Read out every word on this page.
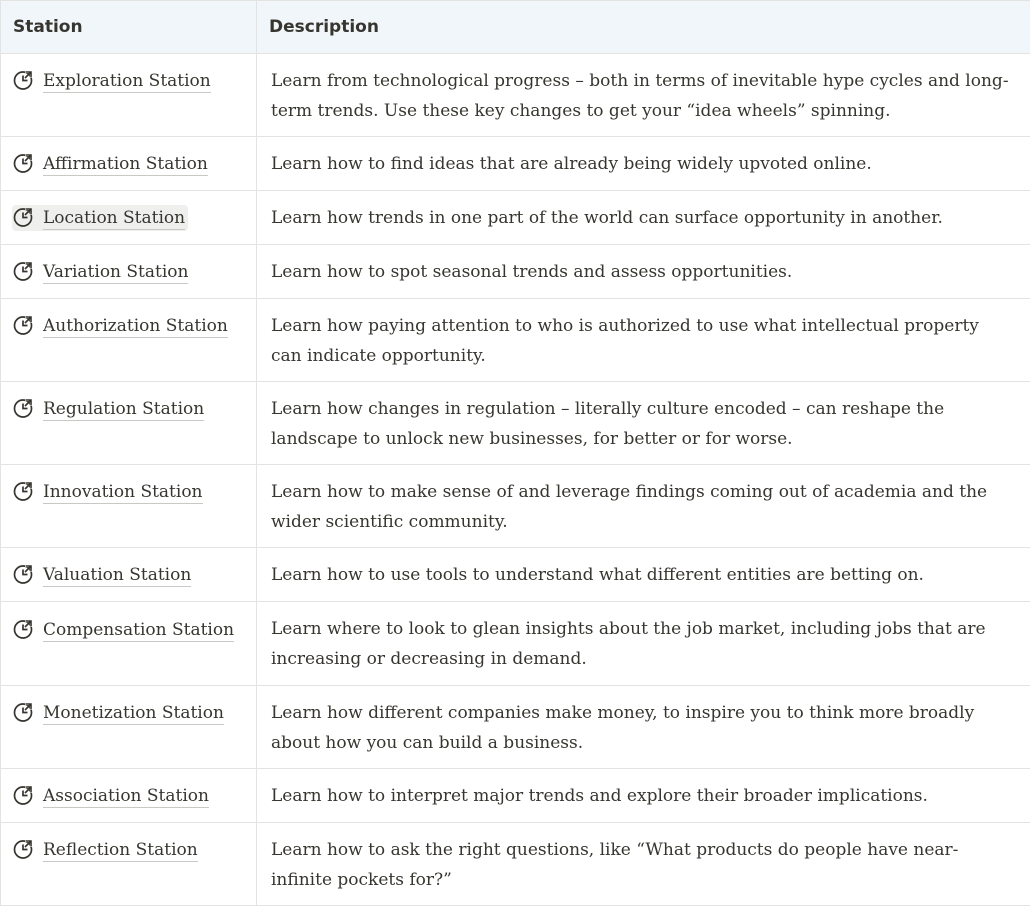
Station	Description

Exploration Station	Learn from technological progress – both in terms of inevitable hype cycles and long-term trends. Use these key changes to get your “idea wheels” spinning.

Affirmation Station	Learn how to find ideas that are already being widely upvoted online.

Location Station	Learn how trends in one part of the world can surface opportunity in another.

Variation Station	Learn how to spot seasonal trends and assess opportunities.

Authorization Station	Learn how paying attention to who is authorized to use what intellectual property can indicate opportunity.

Regulation Station	Learn how changes in regulation – literally culture encoded – can reshape the landscape to unlock new businesses, for better or for worse.

Innovation Station	Learn how to make sense of and leverage findings coming out of academia and the wider scientific community.

Valuation Station	Learn how to use tools to understand what different entities are betting on.

Compensation Station	Learn where to look to glean insights about the job market, including jobs that are increasing or decreasing in demand.

Monetization Station	Learn how different companies make money, to inspire you to think more broadly about how you can build a business.

Association Station	Learn how to interpret major trends and explore their broader implications.

Reflection Station	Learn how to ask the right questions, like “What products do people have near-infinite pockets for?”
